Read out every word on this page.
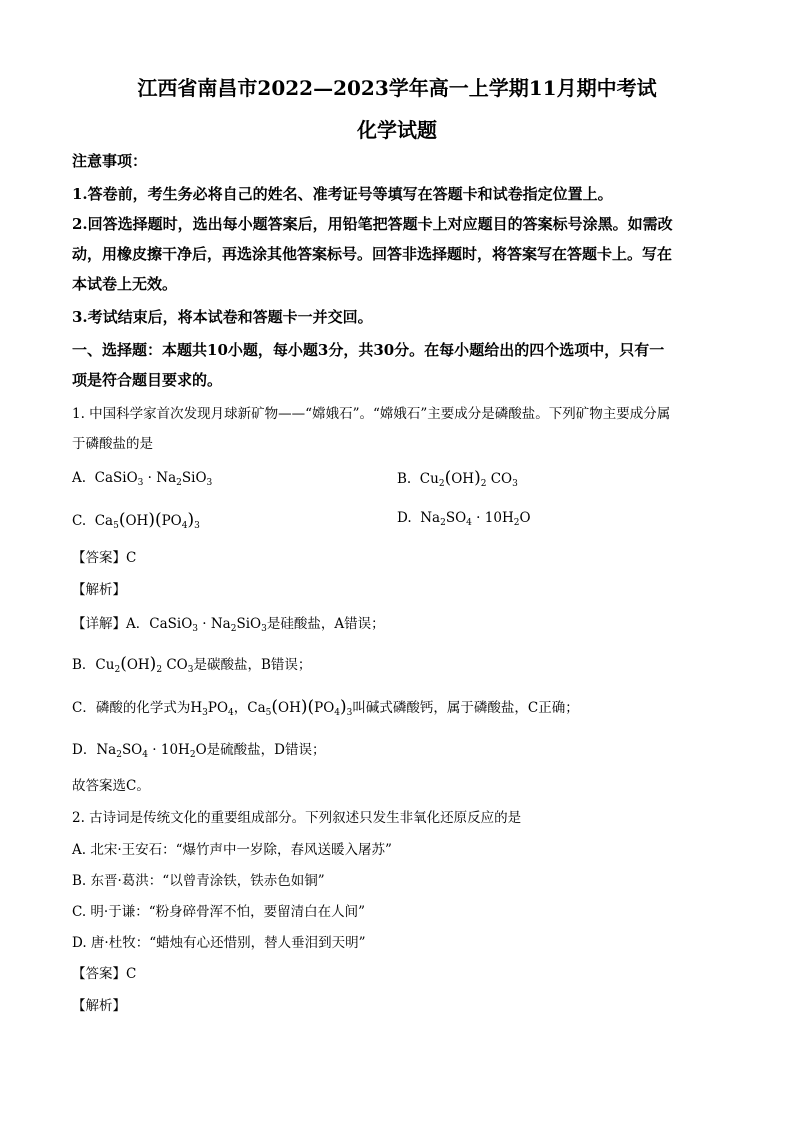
江西省南昌市2022—2023学年高一上学期11月期中考试
化学试题
注意事项：
1.答卷前，考生务必将自己的姓名、准考证号等填写在答题卡和试卷指定位置上。
2.回答选择题时，选出每小题答案后，用铅笔把答题卡上对应题目的答案标号涂黑。如需改
动，用橡皮擦干净后，再选涂其他答案标号。回答非选择题时，将答案写在答题卡上。写在
本试卷上无效。
3.考试结束后，将本试卷和答题卡一并交回。
一、选择题：本题共10小题，每小题3分，共30分。在每小题给出的四个选项中，只有一
项是符合题目要求的。
1. 中国科学家首次发现月球新矿物——“嫦娥石”。“嫦娥石”主要成分是磷酸盐。下列矿物主要成分属
于磷酸盐的是
A.  CaSiO$_3$ · $Na_2SiO_3$	B.  $Cu_2(OH)_2$ $CO_3$
C.  $Ca_5(OH)(PO_4)_3$	D.  $Na_2SO_4 \cdot 10H_2O$
【答案】C
【解析】
【详解】A．CaSiO$_3$ · $Na_2SiO_3$是硅酸盐，A错误；
B．$Cu_2(OH)_2$ $CO_3$是碳酸盐，B错误；
C．磷酸的化学式为$H_3PO_4$，$Ca_5(OH)(PO_4)_3$叫碱式磷酸钙，属于磷酸盐，C正确；
D．$Na_2SO_4 \cdot 10H_2O$是硫酸盐，D错误；
故答案选C。
2. 古诗词是传统文化的重要组成部分。下列叙述只发生非氧化还原反应的是
A. 北宋·王安石：“爆竹声中一岁除，春风送暖入屠苏”
B. 东晋·葛洪：“以曾青涂铁，铁赤色如铜”
C. 明·于谦：“粉身碎骨浑不怕，要留清白在人间”
D. 唐·杜牧：“蜡烛有心还惜别，替人垂泪到天明”
【答案】C
【解析】
